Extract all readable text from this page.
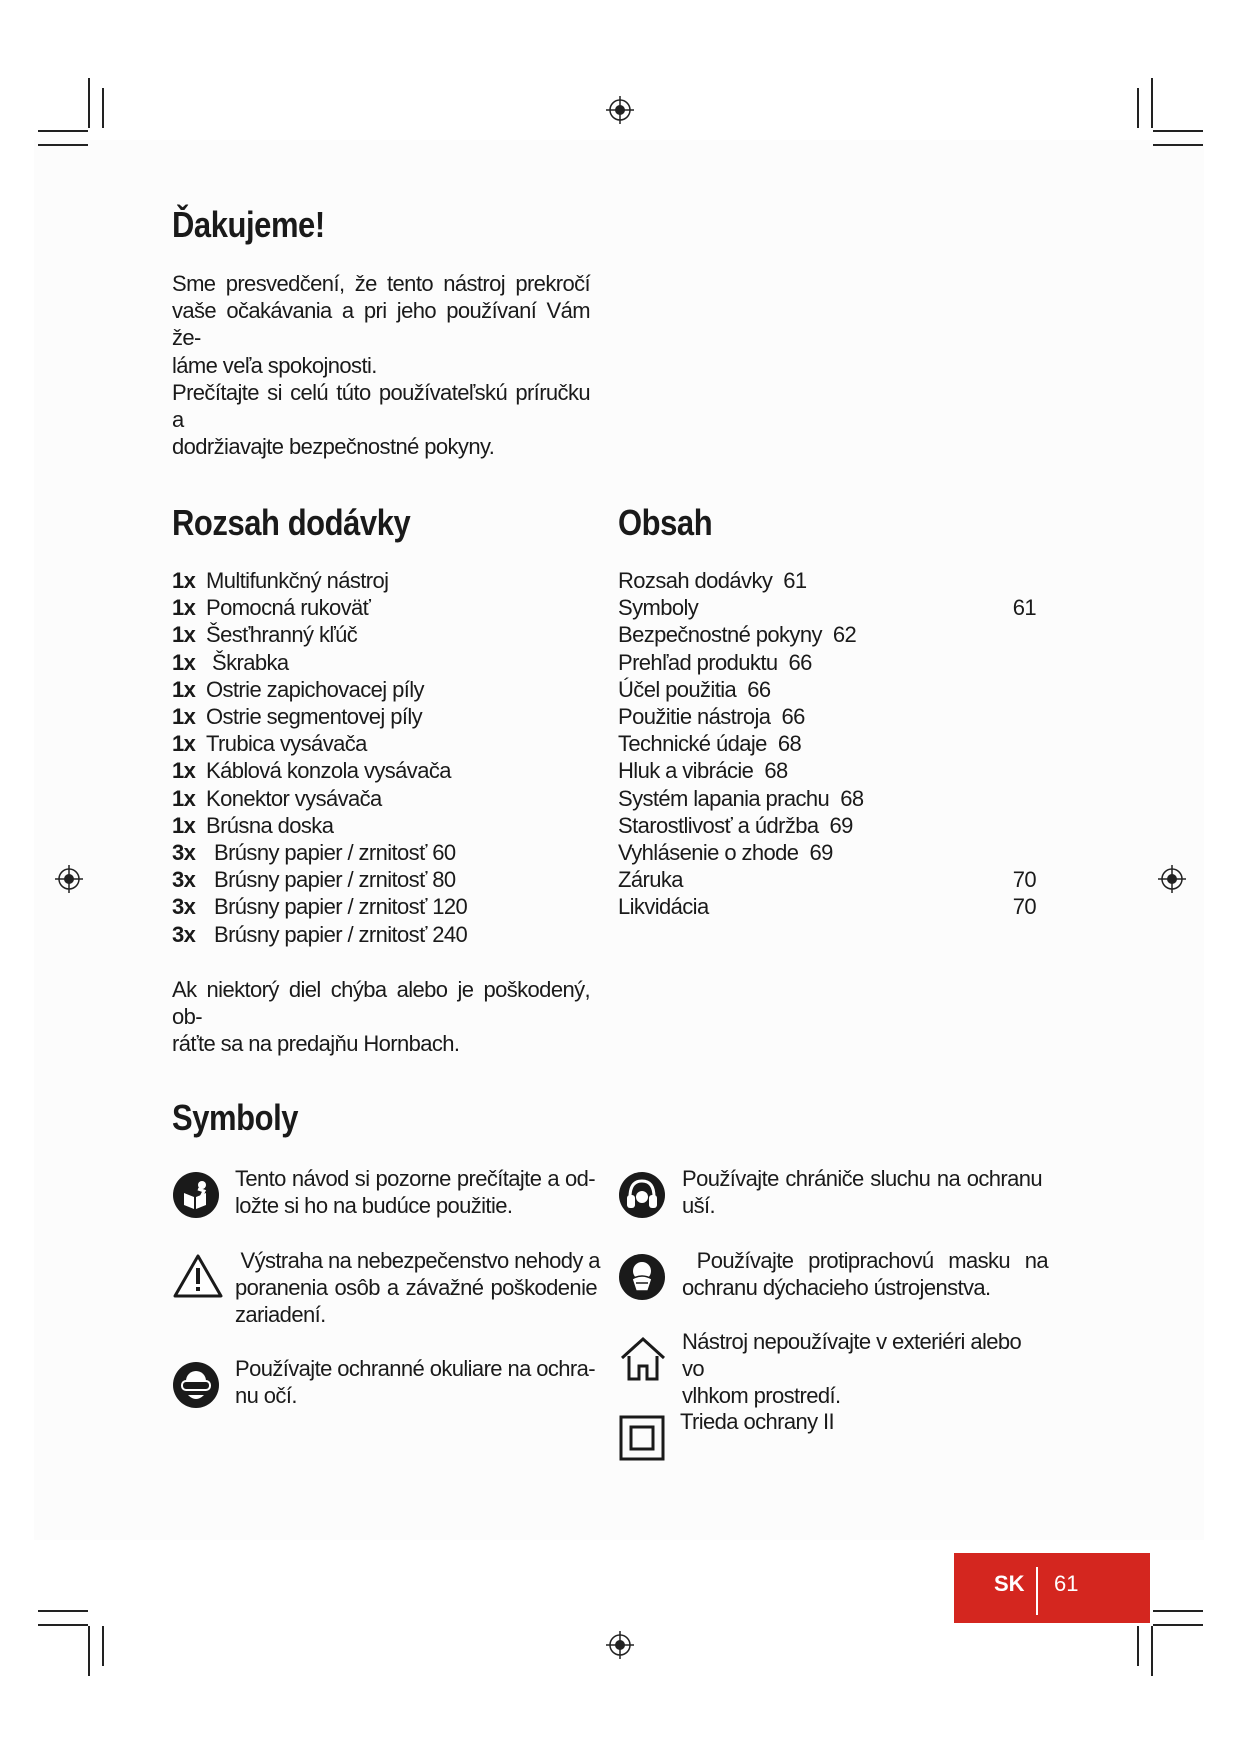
Ďakujeme!
Sme presvedčení, že tento nástroj prekročí
vaše očakávania a pri jeho používaní Vám že-
láme veľa spokojnosti.
Prečítajte si celú túto používateľskú príručku a
dodržiavajte bezpečnostné pokyny.
Rozsah dodávky
1x Multifunkčný nástroj
1x Pomocná rukoväť
1x Šesťhranný kľúč
1x Škrabka
1x Ostrie zapichovacej píly
1x Ostrie segmentovej píly
1x Trubica vysávača
1x Káblová konzola vysávača
1x Konektor vysávača
1x Brúsna doska
3x Brúsny papier / zrnitosť 60
3x Brúsny papier / zrnitosť 80
3x Brúsny papier / zrnitosť 120
3x Brúsny papier / zrnitosť 240
Ak niektorý diel chýba alebo je poškodený, ob-
ráťte sa na predajňu Hornbach.
Obsah
Rozsah dodávky 61
Symboly	61
Bezpečnostné pokyny 62
Prehľad produktu 66
Účel použitia 66
Použitie nástroja 66
Technické údaje 68
Hluk a vibrácie 68
Systém lapania prachu 68
Starostlivosť a údržba 69
Vyhlásenie o zhode 69
Záruka	70
Likvidácia	70
Symboly
Tento návod si pozorne prečítajte a od-
ložte si ho na budúce použitie.
Výstraha na nebezpečenstvo nehody a
poranenia osôb a závažné poškodenie
zariadení.
Používajte ochranné okuliare na ochra-
nu očí.
Používajte chrániče sluchu na ochranu
uší.
Používajte protiprachovú masku na
ochranu dýchacieho ústrojenstva.
Nástroj nepoužívajte v exteriéri alebo vo
vlhkom prostredí.
Trieda ochrany II
SK 61
